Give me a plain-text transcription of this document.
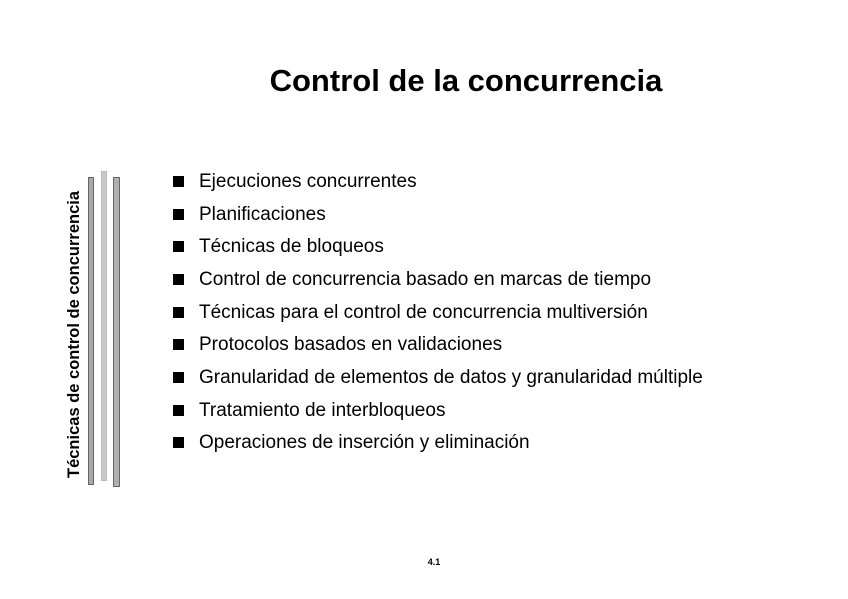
Control de la concurrencia
Técnicas de control de concurrencia
Ejecuciones concurrentes
Planificaciones
Técnicas de bloqueos
Control de concurrencia basado en marcas de tiempo
Técnicas para el control de concurrencia multiversión
Protocolos basados en validaciones
Granularidad de elementos de datos y granularidad múltiple
Tratamiento de interbloqueos
Operaciones de inserción y eliminación
4.1
